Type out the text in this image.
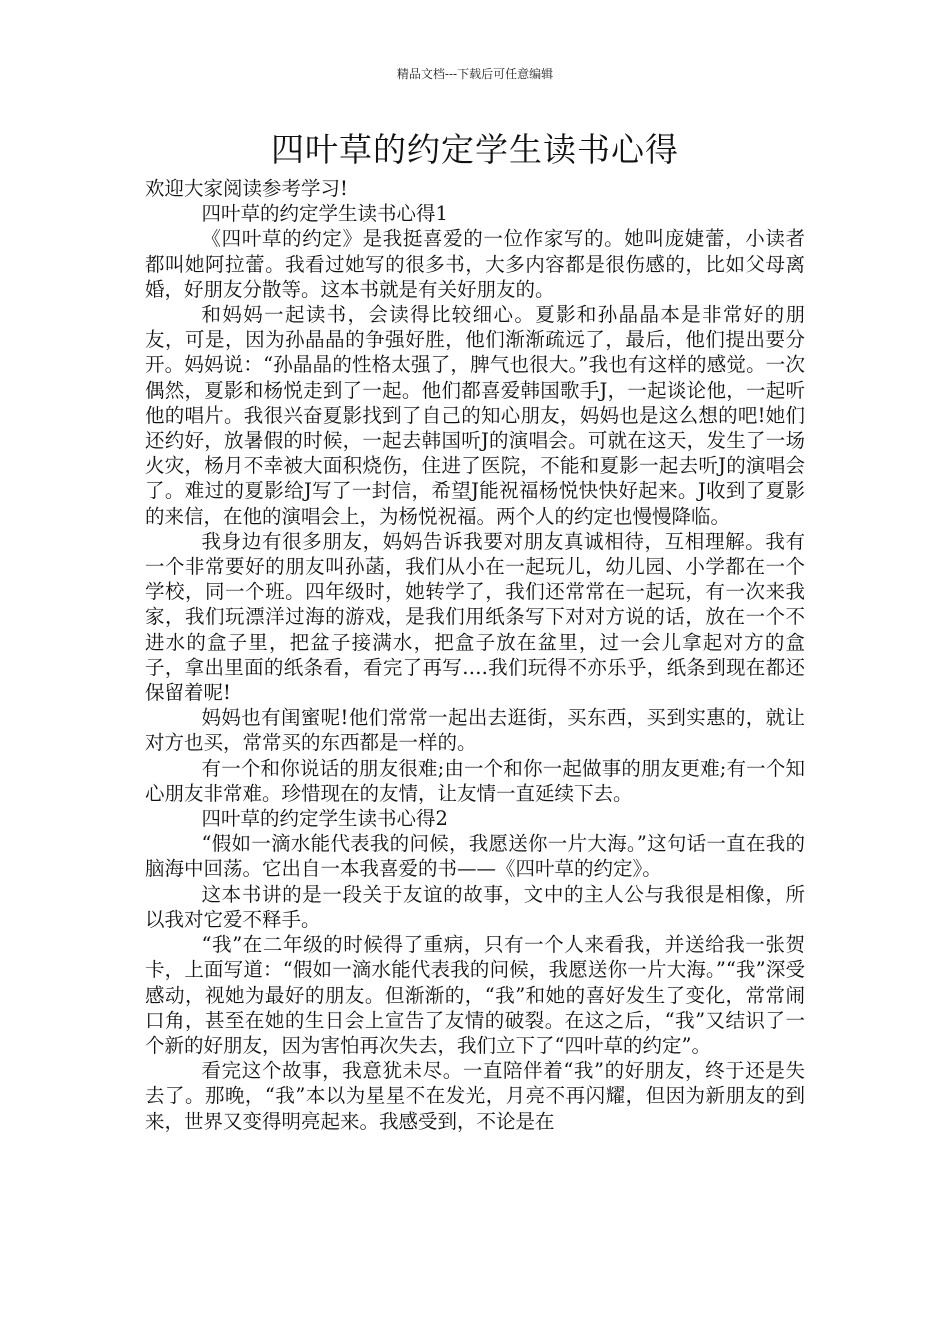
精品文档---下载后可任意编辑
四叶草的约定学生读书心得

欢迎大家阅读参考学习!

四叶草的约定学生读书心得1

《四叶草的约定》是我挺喜爱的一位作家写的。她叫庞婕蕾，小读者都叫她阿拉蕾。我看过她写的很多书，大多内容都是很伤感的，比如父母离婚，好朋友分散等。这本书就是有关好朋友的。

和妈妈一起读书，会读得比较细心。夏影和孙晶晶本是非常好的朋友，可是，因为孙晶晶的争强好胜，他们渐渐疏远了，最后，他们提出要分开。妈妈说：“孙晶晶的性格太强了，脾气也很大。”我也有这样的感觉。一次偶然，夏影和杨悦走到了一起。他们都喜爱韩国歌手J，一起谈论他，一起听他的唱片。我很兴奋夏影找到了自己的知心朋友，妈妈也是这么想的吧!她们还约好，放暑假的时候，一起去韩国听J的演唱会。可就在这天，发生了一场火灾，杨月不幸被大面积烧伤，住进了医院，不能和夏影一起去听J的演唱会了。难过的夏影给J写了一封信，希望J能祝福杨悦快快好起来。J收到了夏影的来信，在他的演唱会上，为杨悦祝福。两个人的约定也慢慢降临。

我身边有很多朋友，妈妈告诉我要对朋友真诚相待，互相理解。我有一个非常要好的朋友叫孙菡，我们从小在一起玩儿，幼儿园、小学都在一个学校，同一个班。四年级时，她转学了，我们还常常在一起玩，有一次来我家，我们玩漂洋过海的游戏，是我们用纸条写下对对方说的话，放在一个不进水的盒子里，把盆子接满水，把盒子放在盆里，过一会儿拿起对方的盒子，拿出里面的纸条看，看完了再写….我们玩得不亦乐乎，纸条到现在都还保留着呢!

妈妈也有闺蜜呢!他们常常一起出去逛街，买东西，买到实惠的，就让对方也买，常常买的东西都是一样的。

有一个和你说话的朋友很难;由一个和你一起做事的朋友更难;有一个知心朋友非常难。珍惜现在的友情，让友情一直延续下去。

四叶草的约定学生读书心得2

“假如一滴水能代表我的问候，我愿送你一片大海。”这句话一直在我的脑海中回荡。它出自一本我喜爱的书——《四叶草的约定》。

这本书讲的是一段关于友谊的故事，文中的主人公与我很是相像，所以我对它爱不释手。

“我”在二年级的时候得了重病，只有一个人来看我，并送给我一张贺卡，上面写道：“假如一滴水能代表我的问候，我愿送你一片大海。”“我”深受感动，视她为最好的朋友。但渐渐的，“我”和她的喜好发生了变化，常常闹口角，甚至在她的生日会上宣告了友情的破裂。在这之后，“我”又结识了一个新的好朋友，因为害怕再次失去，我们立下了“四叶草的约定”。

看完这个故事，我意犹未尽。一直陪伴着“我”的好朋友，终于还是失去了。那晚，“我”本以为星星不在发光，月亮不再闪耀，但因为新朋友的到来，世界又变得明亮起来。我感受到，不论是在
